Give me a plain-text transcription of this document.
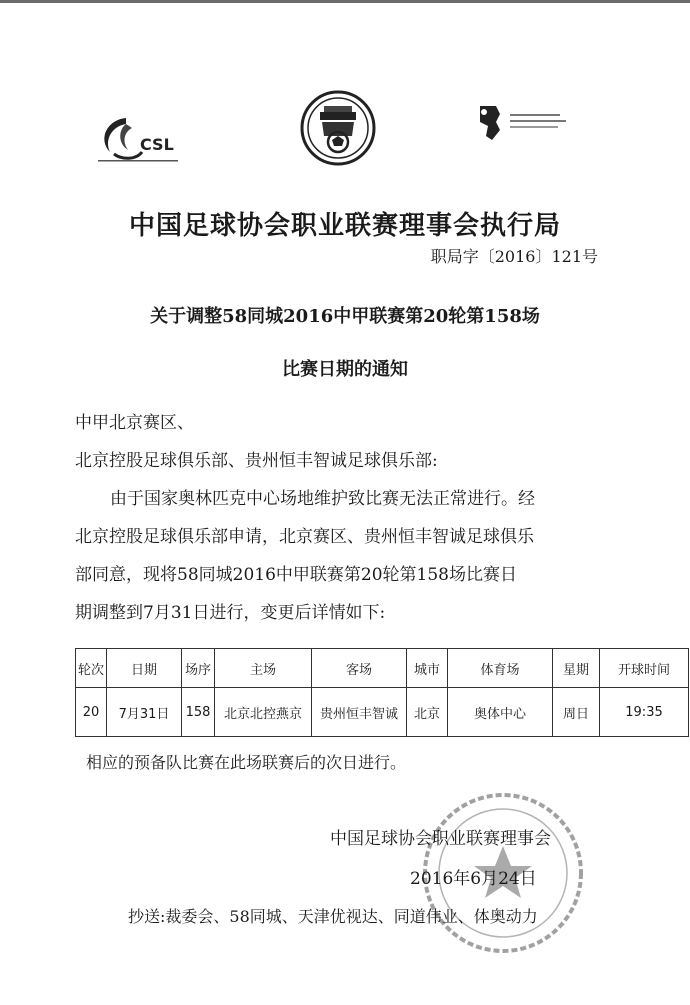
CSL
中国足球协会职业联赛理事会执行局
职局字〔2016〕121号
关于调整58同城2016中甲联赛第20轮第158场
比赛日期的通知
中甲北京赛区、
北京控股足球俱乐部、贵州恒丰智诚足球俱乐部:
由于国家奥林匹克中心场地维护致比赛无法正常进行。经
北京控股足球俱乐部申请，北京赛区、贵州恒丰智诚足球俱乐
部同意，现将58同城2016中甲联赛第20轮第158场比赛日
期调整到7月31日进行，变更后详情如下:
轮次	日期	场序	主场	客场	城市	体育场	星期	开球时间
20	7月31日	158	北京北控燕京	贵州恒丰智诚	北京	奥体中心	周日	19:35
相应的预备队比赛在此场联赛后的次日进行。
中国足球协会职业联赛理事会
2016年6月24日
抄送:裁委会、58同城、天津优视达、同道伟业、体奥动力
